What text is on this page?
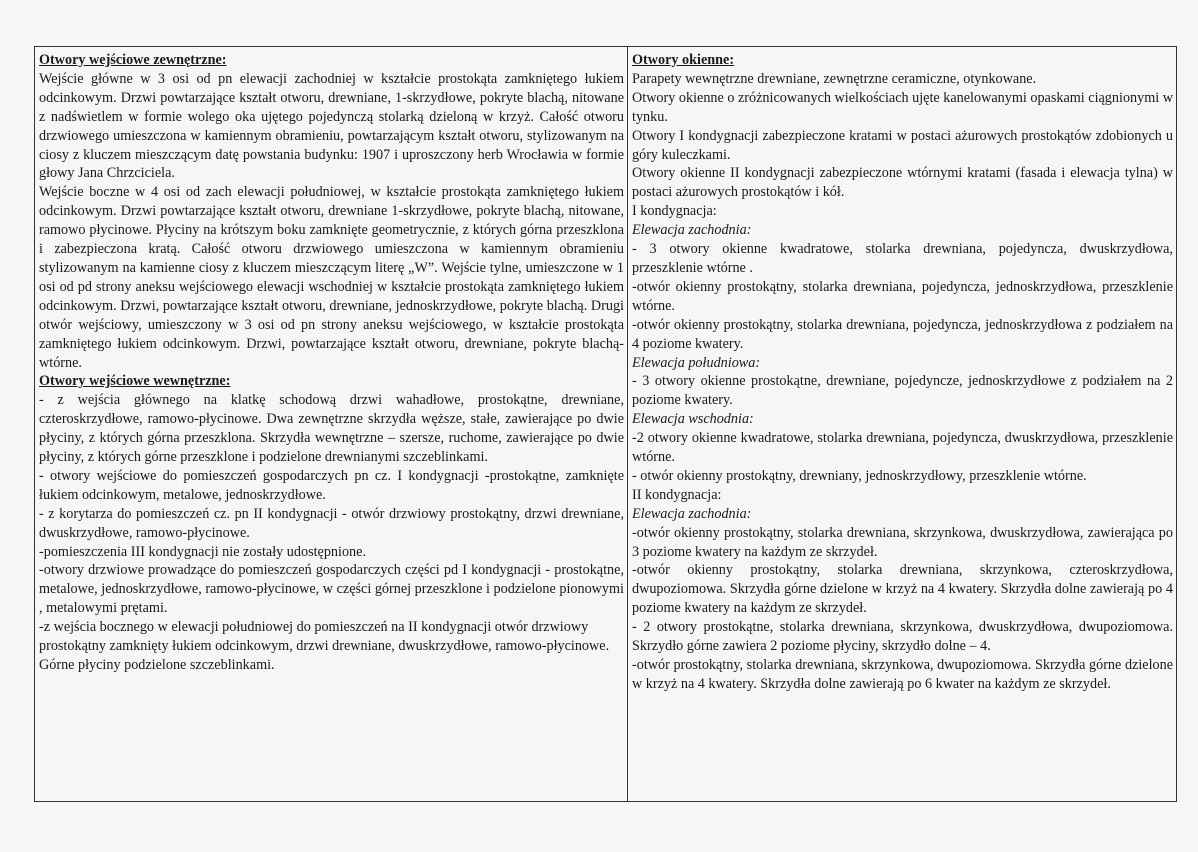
Otwory wejściowe zewnętrzne:

Wejście główne w 3 osi od pn elewacji zachodniej w kształcie prostokąta zamkniętego łukiem odcinkowym. Drzwi powtarzające kształt otworu, drewniane, 1-skrzydłowe, pokryte blachą, nitowane z nadświetlem w formie wolego oka ujętego pojedynczą stolarką dzieloną w krzyż. Całość otworu drzwiowego umieszczona w kamiennym obramieniu, powtarzającym kształt otworu, stylizowanym na ciosy z kluczem mieszczącym datę powstania budynku: 1907 i uproszczony herb Wrocławia w formie głowy Jana Chrzciciela.

Wejście boczne w 4 osi od zach elewacji południowej, w kształcie prostokąta zamkniętego łukiem odcinkowym. Drzwi powtarzające kształt otworu, drewniane 1-skrzydłowe, pokryte blachą, nitowane, ramowo płycinowe. Płyciny na krótszym boku zamknięte geometrycznie, z których górna przeszklona i zabezpieczona kratą. Całość otworu drzwiowego umieszczona w kamiennym obramieniu stylizowanym na kamienne ciosy z kluczem mieszczącym literę „W”. Wejście tylne, umieszczone w 1 osi od pd strony aneksu wejściowego elewacji wschodniej w kształcie prostokąta zamkniętego łukiem odcinkowym. Drzwi, powtarzające kształt otworu, drewniane, jednoskrzydłowe, pokryte blachą. Drugi otwór wejściowy, umieszczony w 3 osi od pn strony aneksu wejściowego, w kształcie prostokąta zamkniętego łukiem odcinkowym. Drzwi, powtarzające kształt otworu, drewniane, pokryte blachą-wtórne.

Otwory wejściowe wewnętrzne:

- z wejścia głównego na klatkę schodową drzwi wahadłowe, prostokątne, drewniane, czteroskrzydłowe, ramowo-płycinowe. Dwa zewnętrzne skrzydła węższe, stałe, zawierające po dwie płyciny, z których górna przeszklona. Skrzydła wewnętrzne – szersze, ruchome, zawierające po dwie płyciny, z których górne przeszklone i podzielone drewnianymi szczeblinkami.

- otwory wejściowe do pomieszczeń gospodarczych pn cz. I kondygnacji -prostokątne, zamknięte łukiem odcinkowym, metalowe, jednoskrzydłowe.

- z korytarza do pomieszczeń cz. pn II kondygnacji - otwór drzwiowy prostokątny, drzwi drewniane, dwuskrzydłowe, ramowo-płycinowe.

-pomieszczenia III kondygnacji nie zostały udostępnione.

-otwory drzwiowe prowadzące do pomieszczeń gospodarczych części pd I kondygnacji - prostokątne, metalowe, jednoskrzydłowe, ramowo-płycinowe, w części górnej przeszklone i podzielone pionowymi , metalowymi prętami.

-z wejścia bocznego w elewacji południowej do pomieszczeń na II kondygnacji otwór drzwiowy prostokątny zamknięty łukiem odcinkowym, drzwi drewniane, dwuskrzydłowe, ramowo-płycinowe. Górne płyciny podzielone szczeblinkami.

Otwory okienne:

Parapety wewnętrzne drewniane, zewnętrzne ceramiczne, otynkowane.

Otwory okienne o zróżnicowanych wielkościach ujęte kanelowanymi opaskami ciągnionymi w tynku.

Otwory I kondygnacji zabezpieczone kratami w postaci ażurowych prostokątów zdobionych u góry kuleczkami.

Otwory okienne II kondygnacji zabezpieczone wtórnymi kratami (fasada i elewacja tylna) w postaci ażurowych prostokątów i kół.

I kondygnacja:
Elewacja zachodnia:

- 3 otwory okienne kwadratowe, stolarka drewniana, pojedyncza, dwuskrzydłowa, przeszklenie wtórne .

-otwór okienny prostokątny, stolarka drewniana, pojedyncza, jednoskrzydłowa, przeszklenie wtórne.

-otwór okienny prostokątny, stolarka drewniana, pojedyncza, jednoskrzydłowa z podziałem na 4 poziome kwatery.

Elewacja południowa:

- 3 otwory okienne prostokątne, drewniane, pojedyncze, jednoskrzydłowe z podziałem na 2 poziome kwatery.

Elewacja wschodnia:

-2 otwory okienne kwadratowe, stolarka drewniana, pojedyncza, dwuskrzydłowa, przeszklenie wtórne.

- otwór okienny prostokątny, drewniany, jednoskrzydłowy, przeszklenie wtórne.

II kondygnacja:
Elewacja zachodnia:

-otwór okienny prostokątny, stolarka drewniana, skrzynkowa, dwuskrzydłowa, zawierająca po 3 poziome kwatery na każdym ze skrzydeł.

-otwór okienny prostokątny, stolarka drewniana, skrzynkowa, czteroskrzydłowa, dwupoziomowa. Skrzydła górne dzielone w krzyż na 4 kwatery. Skrzydła dolne zawierają po 4 poziome kwatery na każdym ze skrzydeł.

- 2 otwory prostokątne, stolarka drewniana, skrzynkowa, dwuskrzydłowa, dwupoziomowa. Skrzydło górne zawiera 2 poziome płyciny, skrzydło dolne – 4.

-otwór prostokątny, stolarka drewniana, skrzynkowa, dwupoziomowa. Skrzydła górne dzielone w krzyż na 4 kwatery. Skrzydła dolne zawierają po 6 kwater na każdym ze skrzydeł.
